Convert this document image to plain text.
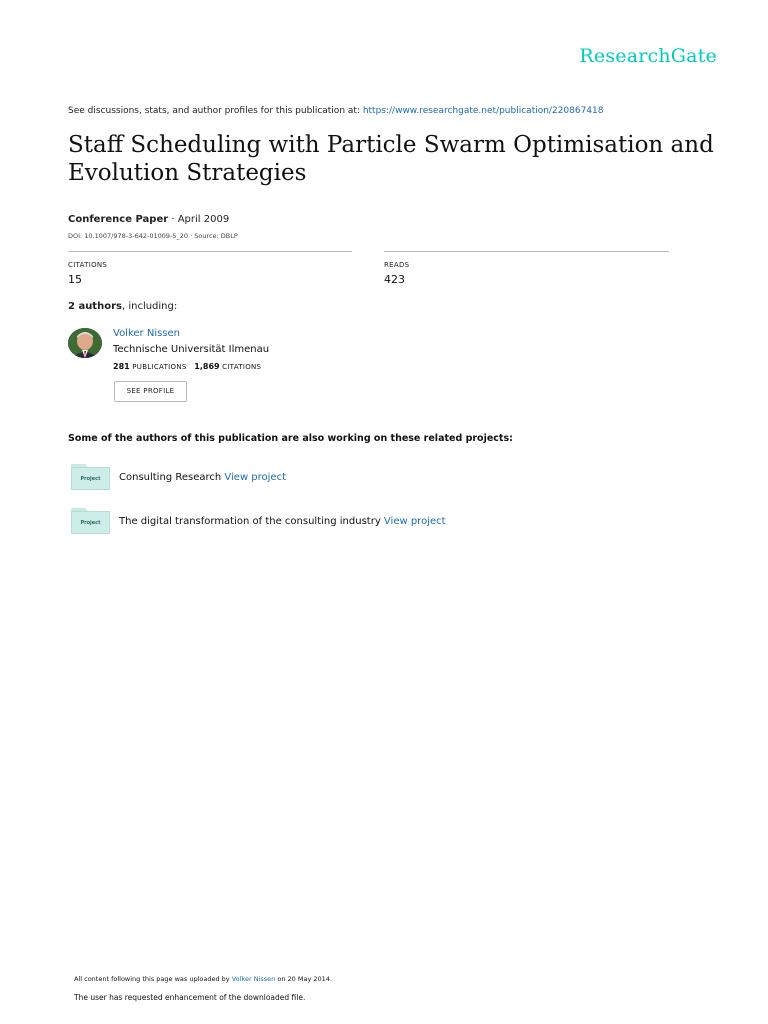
ResearchGate
See discussions, stats, and author profiles for this publication at: https://www.researchgate.net/publication/220867418
Staff Scheduling with Particle Swarm Optimisation and Evolution Strategies
Conference Paper · April 2009
DOI: 10.1007/978-3-642-01009-5_20 · Source: DBLP
CITATIONS
15
READS
423
2 authors, including:
Volker Nissen
Technische Universität Ilmenau
281 PUBLICATIONS 1,869 CITATIONS
SEE PROFILE
Some of the authors of this publication are also working on these related projects:
Project	Consulting Research View project
Project	The digital transformation of the consulting industry View project
All content following this page was uploaded by Volker Nissen on 20 May 2014.
The user has requested enhancement of the downloaded file.
